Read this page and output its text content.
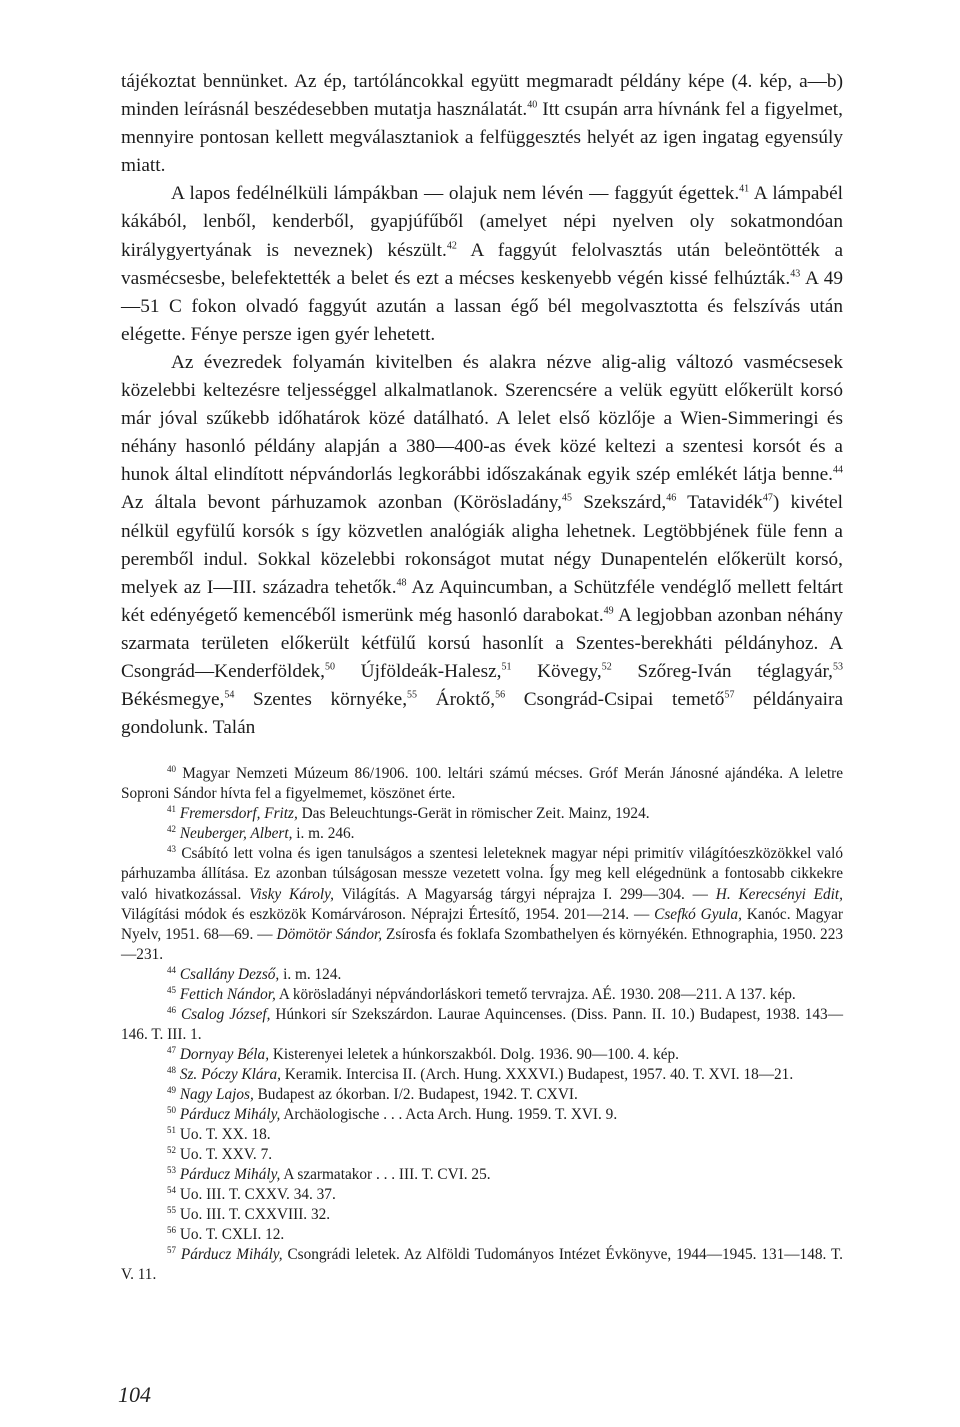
tájékoztat bennünket. Az ép, tartóláncokkal együtt megmaradt példány képe (4. kép, a—b) minden leírásnál beszédesebben mutatja használatát.$^{40}$ Itt csupán arra hívnánk fel a figyelmet, mennyire pontosan kellett megválasztaniok a felfüggesztés helyét az igen ingatag egyensúly miatt.

A lapos fedélnélküli lámpákban — olajuk nem lévén — faggyút égettek.$^{41}$ A lámpabél kákából, lenből, kenderből, gyapjúfűből (amelyet népi nyelven oly sokatmondóan királygyertyának is neveznek) készült.$^{42}$ A faggyút felolvasztás után beleöntötték a vasmécsesbe, belefektették a belet és ezt a mécses keskenyebb végén kissé felhúzták.$^{43}$ A 49—51 C fokon olvadó faggyút azután a lassan égő bél megolvasztotta és felszívás után elégette. Fénye persze igen gyér lehetett.

Az évezredek folyamán kivitelben és alakra nézve alig-alig változó vasmécsesek közelebbi keltezésre teljességgel alkalmatlanok. Szerencsére a velük együtt előkerült korsó már jóval szűkebb időhatárok közé datálható. A lelet első közlője a Wien-Simmeringi és néhány hasonló példány alapján a 380—400-as évek közé keltezi a szentesi korsót és a hunok által elindított népvándorlás legkorábbi időszakának egyik szép emlékét látja benne.$^{44}$ Az általa bevont párhuzamok azonban (Körösladány,$^{45}$ Szekszárd,$^{46}$ Tatavidék$^{47}$) kivétel nélkül egyfülű korsók s így közvetlen analógiák aligha lehetnek. Legtöbbjének füle fenn a peremből indul. Sokkal közelebbi rokonságot mutat négy Dunapentelén előkerült korsó, melyek az I—III. századra tehetők.$^{48}$ Az Aquincumban, a Schützféle vendéglő mellett feltárt két edényégető kemencéből ismerünk még hasonló darabokat.$^{49}$ A legjobban azonban néhány szarmata területen előkerült kétfülű korsú hasonlít a Szentes-berekháti példányhoz. A Csongrád—Kenderföldek,$^{50}$ Újföldeák-Halesz,$^{51}$ Kövegy,$^{52}$ Szőreg-Iván téglagyár,$^{53}$ Békésmegye,$^{54}$ Szentes környéke,$^{55}$ Ároktő,$^{56}$ Csongrád-Csipai temető$^{57}$ példányaira gondolunk. Talán

$^{40}$ Magyar Nemzeti Múzeum 86/1906. 100. leltári számú mécses. Gróf Merán Jánosné ajándéka. A leletre Soproni Sándor hívta fel a figyelmemet, köszönet érte.

$^{41}$ Fremersdorf, Fritz, Das Beleuchtungs-Gerät in römischer Zeit. Mainz, 1924.

$^{42}$ Neuberger, Albert, i. m. 246.

$^{43}$ Csábító lett volna és igen tanulságos a szentesi leleteknek magyar népi primitív világítóeszközökkel való párhuzamba állítása. Ez azonban túlságosan messze vezetett volna. Így meg kell elégednünk a fontosabb cikkekre való hivatkozással. Visky Károly, Világítás. A Magyarság tárgyi néprajza I. 299—304. — H. Kerecsényi Edit, Világítási módok és eszközök Komárvároson. Néprajzi Értesítő, 1954. 201—214. — Csefkó Gyula, Kanóc. Magyar Nyelv, 1951. 68—69. — Dömötör Sándor, Zsírosfa és foklafa Szombathelyen és környékén. Ethnographia, 1950. 223—231.

$^{44}$ Csallány Dezső, i. m. 124.

$^{45}$ Fettich Nándor, A körösladányi népvándorláskori temető tervrajza. AÉ. 1930. 208—211. A 137. kép.

$^{46}$ Csalog József, Húnkori sír Szekszárdon. Laurae Aquincenses. (Diss. Pann. II. 10.) Budapest, 1938. 143—146. T. III. 1.

$^{47}$ Dornyay Béla, Kisterenyei leletek a húnkorszakból. Dolg. 1936. 90—100. 4. kép.

$^{48}$ Sz. Póczy Klára, Keramik. Intercisa II. (Arch. Hung. XXXVI.) Budapest, 1957. 40. T. XVI. 18—21.

$^{49}$ Nagy Lajos, Budapest az ókorban. I/2. Budapest, 1942. T. CXVI.

$^{50}$ Párducz Mihály, Archäologische . . . Acta Arch. Hung. 1959. T. XVI. 9.

$^{51}$ Uo. T. XX. 18.

$^{52}$ Uo. T. XXV. 7.

$^{53}$ Párducz Mihály, A szarmatakor . . . III. T. CVI. 25.

$^{54}$ Uo. III. T. CXXV. 34. 37.

$^{55}$ Uo. III. T. CXXVIII. 32.

$^{56}$ Uo. T. CXLI. 12.

$^{57}$ Párducz Mihály, Csongrádi leletek. Az Alföldi Tudományos Intézet Évkönyve, 1944—1945. 131—148. T. V. 11.

104
